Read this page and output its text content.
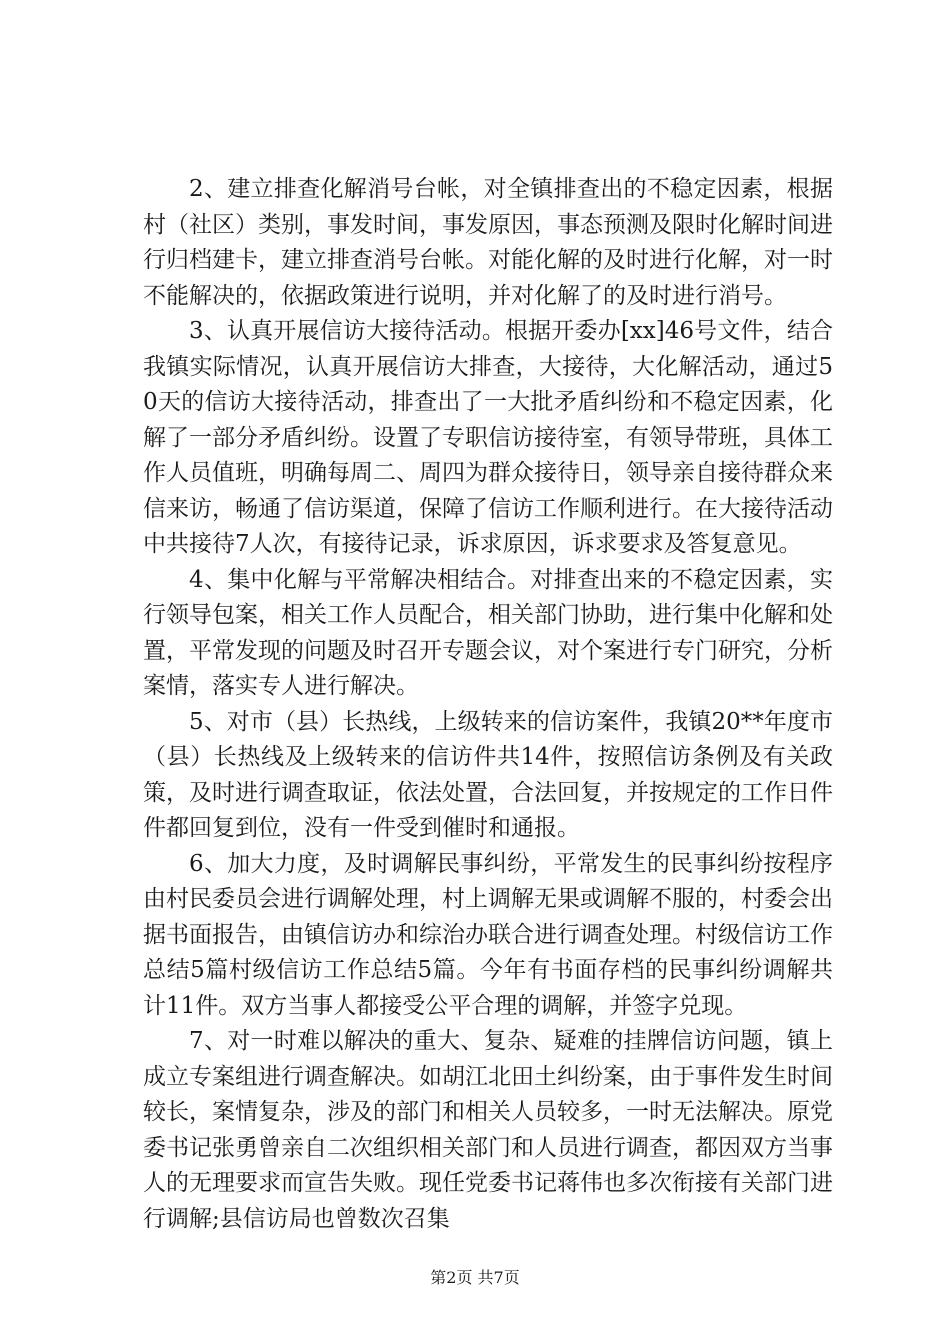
2、建立排查化解消号台帐，对全镇排查出的不稳定因素，根据村（社区）类别，事发时间，事发原因，事态预测及限时化解时间进行归档建卡，建立排查消号台帐。对能化解的及时进行化解，对一时不能解决的，依据政策进行说明，并对化解了的及时进行消号。

3、认真开展信访大接待活动。根据开委办[xx]46号文件，结合我镇实际情况，认真开展信访大排查，大接待，大化解活动，通过50天的信访大接待活动，排查出了一大批矛盾纠纷和不稳定因素，化解了一部分矛盾纠纷。设置了专职信访接待室，有领导带班，具体工作人员值班，明确每周二、周四为群众接待日，领导亲自接待群众来信来访，畅通了信访渠道，保障了信访工作顺利进行。在大接待活动中共接待7人次，有接待记录，诉求原因，诉求要求及答复意见。

4、集中化解与平常解决相结合。对排查出来的不稳定因素，实行领导包案，相关工作人员配合，相关部门协助，进行集中化解和处置，平常发现的问题及时召开专题会议，对个案进行专门研究，分析案情，落实专人进行解决。

5、对市（县）长热线，上级转来的信访案件，我镇20**年度市（县）长热线及上级转来的信访件共14件，按照信访条例及有关政策，及时进行调查取证，依法处置，合法回复，并按规定的工作日件件都回复到位，没有一件受到催时和通报。

6、加大力度，及时调解民事纠纷，平常发生的民事纠纷按程序由村民委员会进行调解处理，村上调解无果或调解不服的，村委会出据书面报告，由镇信访办和综治办联合进行调查处理。村级信访工作总结5篇村级信访工作总结5篇。今年有书面存档的民事纠纷调解共计11件。双方当事人都接受公平合理的调解，并签字兑现。

7、对一时难以解决的重大、复杂、疑难的挂牌信访问题，镇上成立专案组进行调查解决。如胡江北田土纠纷案，由于事件发生时间较长，案情复杂，涉及的部门和相关人员较多，一时无法解决。原党委书记张勇曾亲自二次组织相关部门和人员进行调查，都因双方当事人的无理要求而宣告失败。现任党委书记蒋伟也多次衔接有关部门进行调解;县信访局也曾数次召集

第2页 共7页
